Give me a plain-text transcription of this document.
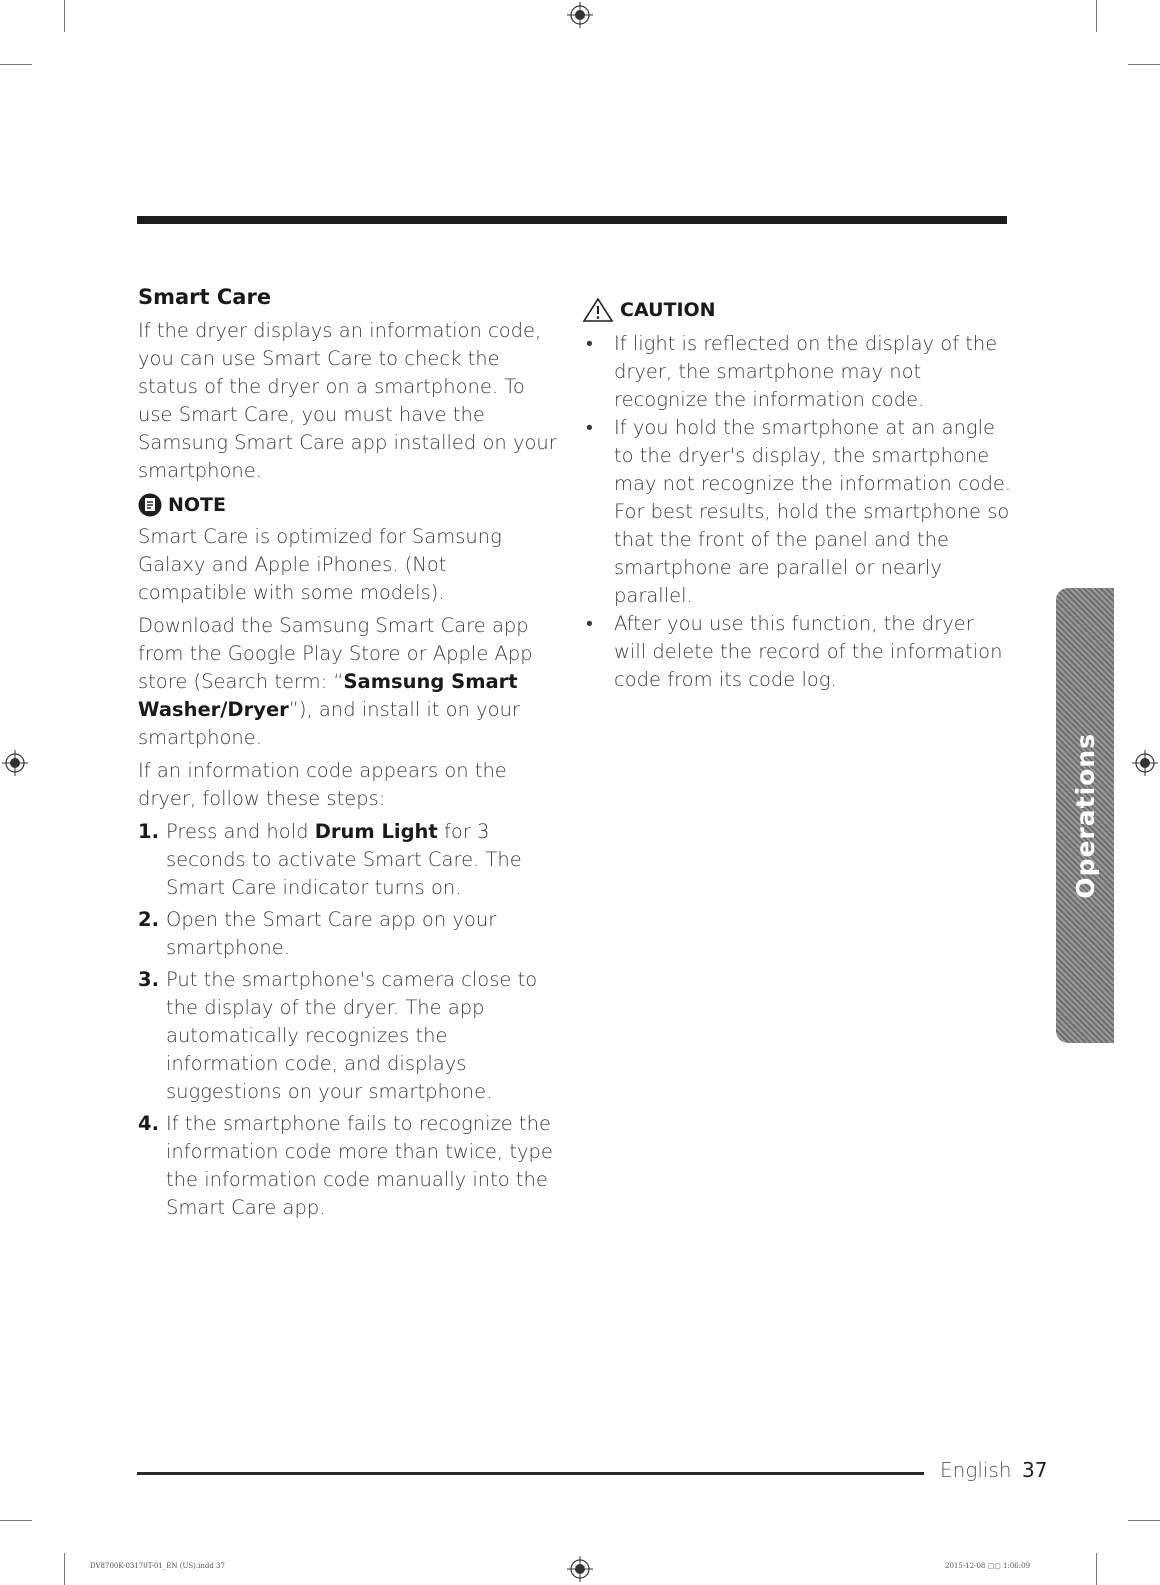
Smart Care

If the dryer displays an information code, you can use Smart Care to check the status of the dryer on a smartphone. To use Smart Care, you must have the Samsung Smart Care app installed on your smartphone.

NOTE

Smart Care is optimized for Samsung Galaxy and Apple iPhones. (Not compatible with some models).

Download the Samsung Smart Care app from the Google Play Store or Apple App store (Search term: “Samsung Smart Washer/Dryer”), and install it on your smartphone.

If an information code appears on the dryer, follow these steps:

1. Press and hold Drum Light for 3 seconds to activate Smart Care. The Smart Care indicator turns on.
2. Open the Smart Care app on your smartphone.
3. Put the smartphone's camera close to the display of the dryer. The app automatically recognizes the information code, and displays suggestions on your smartphone.
4. If the smartphone fails to recognize the information code more than twice, type the information code manually into the Smart Care app.
CAUTION
•	If light is reflected on the display of the dryer, the smartphone may not recognize the information code.
•	If you hold the smartphone at an angle to the dryer's display, the smartphone may not recognize the information code. For best results, hold the smartphone so that the front of the panel and the smartphone are parallel or nearly parallel.
•	After you use this function, the dryer will delete the record of the information code from its code log.
Operations
English 37
DV8700K-03170T-01_EN (US).indd 37	2015-12-08 ▢▢ 1:06:09
